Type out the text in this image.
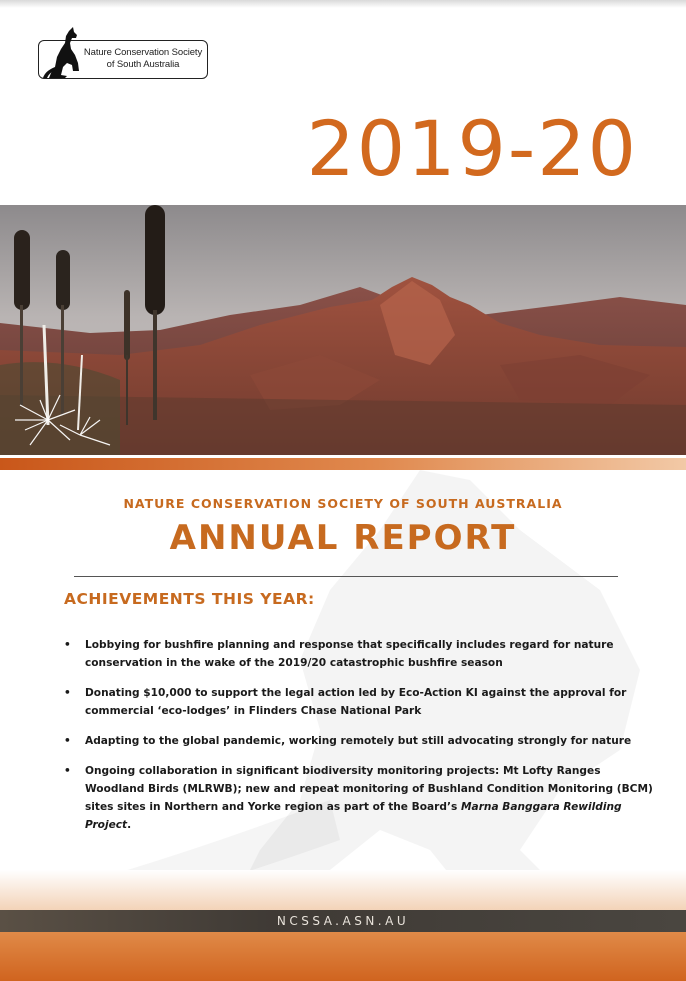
Nature Conservation Society
of South Australia
2019-20
NATURE CONSERVATION SOCIETY OF SOUTH AUSTRALIA
ANNUAL REPORT
ACHIEVEMENTS THIS YEAR:
• Lobbying for bushfire planning and response that specifically includes regard for nature conservation in the wake of the 2019/20 catastrophic bushfire season
• Donating $10,000 to support the legal action led by Eco-Action KI against the approval for commercial ‘eco-lodges’ in Flinders Chase National Park
• Adapting to the global pandemic, working remotely but still advocating strongly for nature
• Ongoing collaboration in significant biodiversity monitoring projects: Mt Lofty Ranges Woodland Birds (MLRWB); new and repeat monitoring of Bushland Condition Monitoring (BCM) sites sites in Northern and Yorke region as part of the Board’s Marna Banggara Rewilding Project.
NCSSA.ASN.AU
